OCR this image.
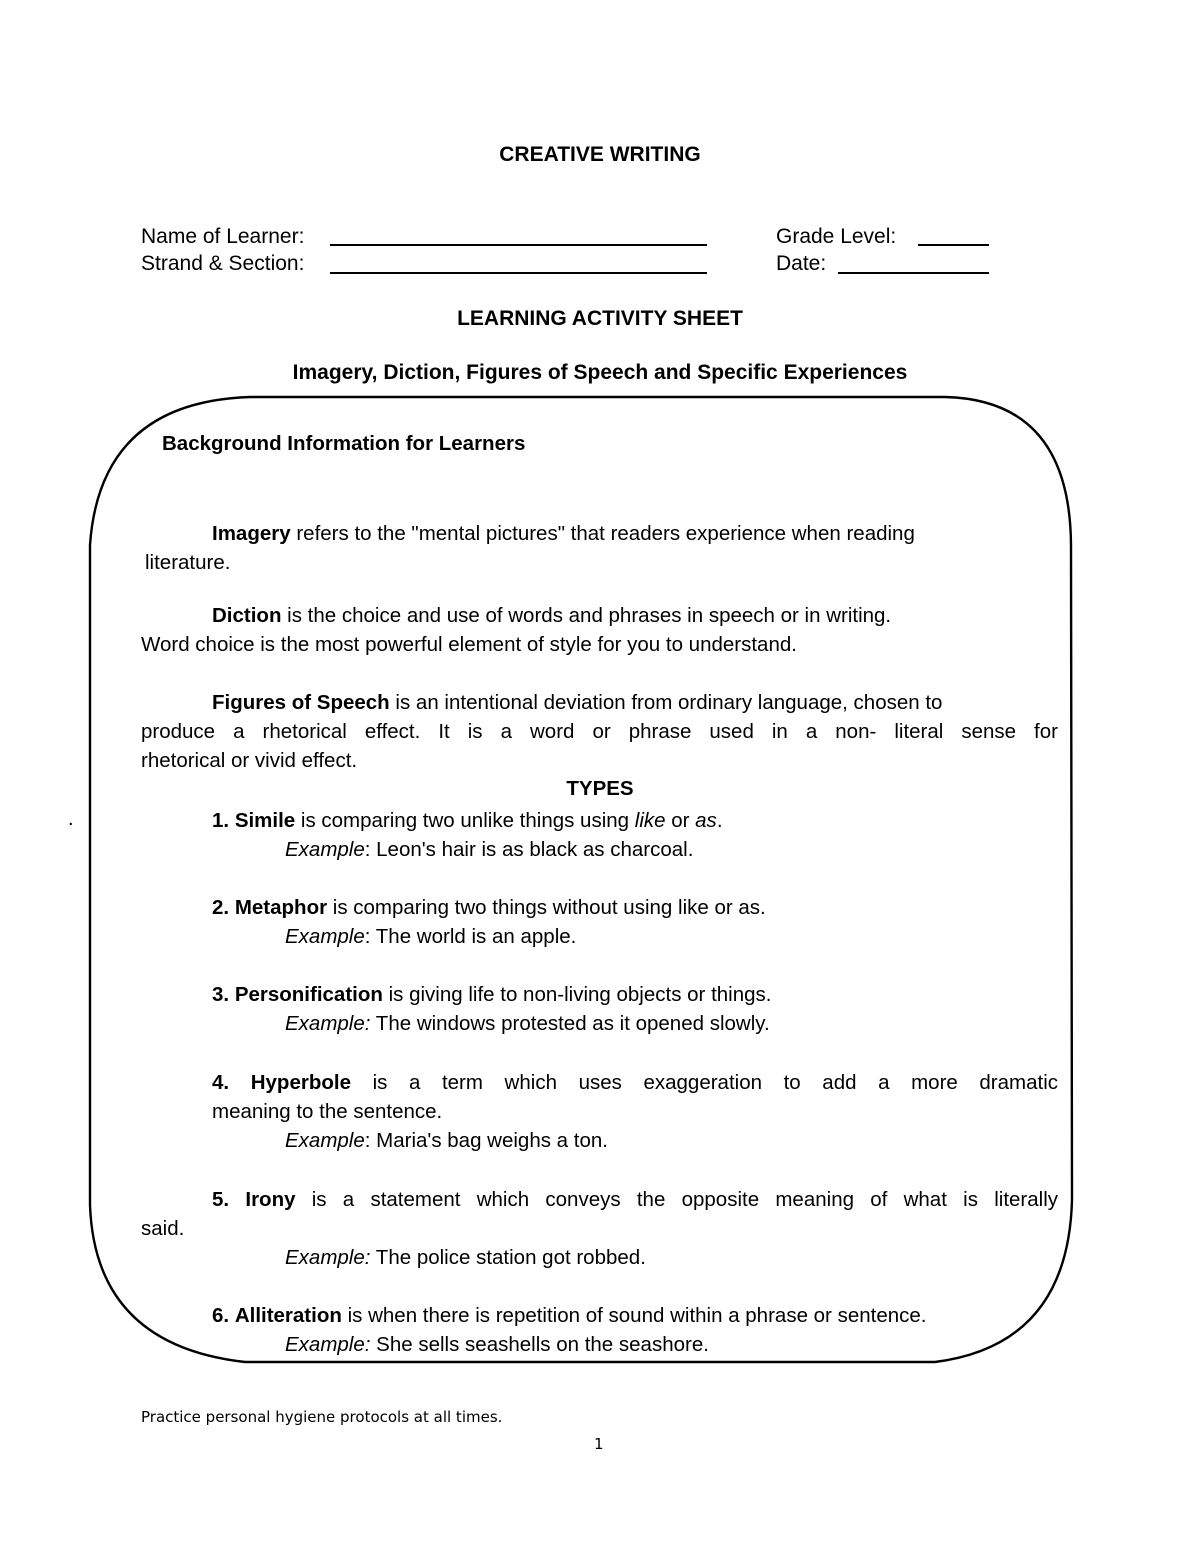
CREATIVE WRITING
Name of Learner:	Grade Level:
Strand & Section:	Date:
LEARNING ACTIVITY SHEET
Imagery, Diction, Figures of Speech and Specific Experiences
Background Information for Learners
Imagery refers to the "mental pictures" that readers experience when reading
literature.
Diction is the choice and use of words and phrases in speech or in writing.
Word choice is the most powerful element of style for you to understand.
Figures of Speech is an intentional deviation from ordinary language, chosen to
produce a rhetorical effect. It is a word or phrase used in a non- literal sense for
rhetorical or vivid effect.
TYPES
.	1. Simile is comparing two unlike things using like or as.
Example: Leon's hair is as black as charcoal.
2. Metaphor is comparing two things without using like or as.
Example: The world is an apple.
3. Personification is giving life to non-living objects or things.
Example: The windows protested as it opened slowly.
4. Hyperbole is a term which uses exaggeration to add a more dramatic
meaning to the sentence.
Example: Maria's bag weighs a ton.
5. Irony is a statement which conveys the opposite meaning of what is literally
said.
Example: The police station got robbed.
6. Alliteration is when there is repetition of sound within a phrase or sentence.
Example: She sells seashells on the seashore.
Practice personal hygiene protocols at all times.
1
